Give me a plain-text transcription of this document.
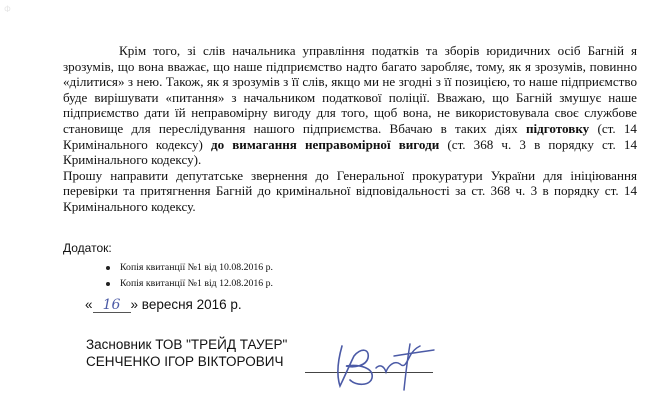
Ф

Крім того, зі слів начальника управління податків та зборів юридичних осіб Багній я зрозумів, що вона вважає, що наше підприємство надто багато заробляє, тому, як я зрозумів, повинно «ділитися» з нею. Також, як я зрозумів з її слів, якщо ми не згодні з її позицією, то наше підприємство буде вирішувати «питання» з начальником податкової поліції. Вважаю, що Багній змушує наше підприємство дати їй неправомірну вигоду для того, щоб вона, не використовувала своє службове становище для переслідування нашого підприємства. Вбачаю в таких діях підготовку (ст. 14 Кримінального кодексу) до вимагання неправомірної вигоди (ст. 368 ч. 3 в порядку ст. 14 Кримінального кодексу).

Прошу направити депутатське звернення до Генеральної прокуратури України для ініціювання перевірки та притягнення Багній до кримінальної відповідальності за ст. 368 ч. 3 в порядку ст. 14 Кримінального кодексу.

Додаток:
Копія квитанції №1 від 10.08.2016 р.
Копія квитанції №1 від 12.08.2016 р.
« 16 » вересня 2016 р.
Засновник ТОВ "ТРЕЙД ТАУЕР"
СЕНЧЕНКО ІГОР ВІКТОРОВИЧ
